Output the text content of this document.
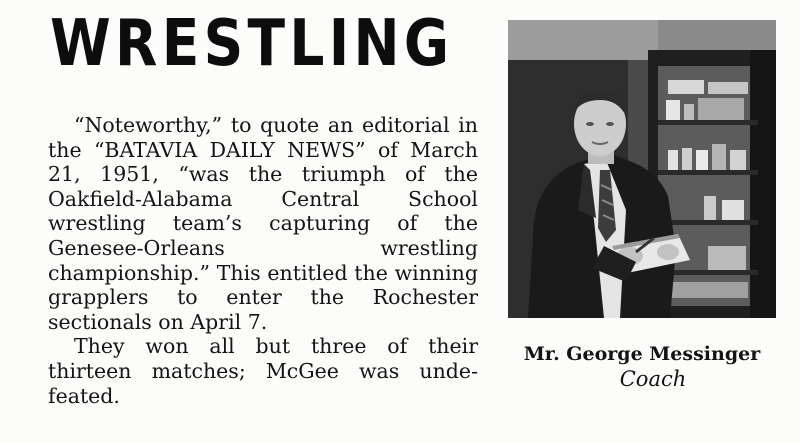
WRESTLING

“Noteworthy,” to quote an editorial in the “BATAVIA DAILY NEWS” of March 21, 1951, “was the triumph of the Oakfield-Alabama Central School wrestling team’s capturing of the Genesee-Orleans wrestling championship.” This entitled the winning grapplers to enter the Rochester sectionals on April 7.

They won all but three of their thirteen matches; McGee was undefeated.

Mr. George Messinger
Coach
